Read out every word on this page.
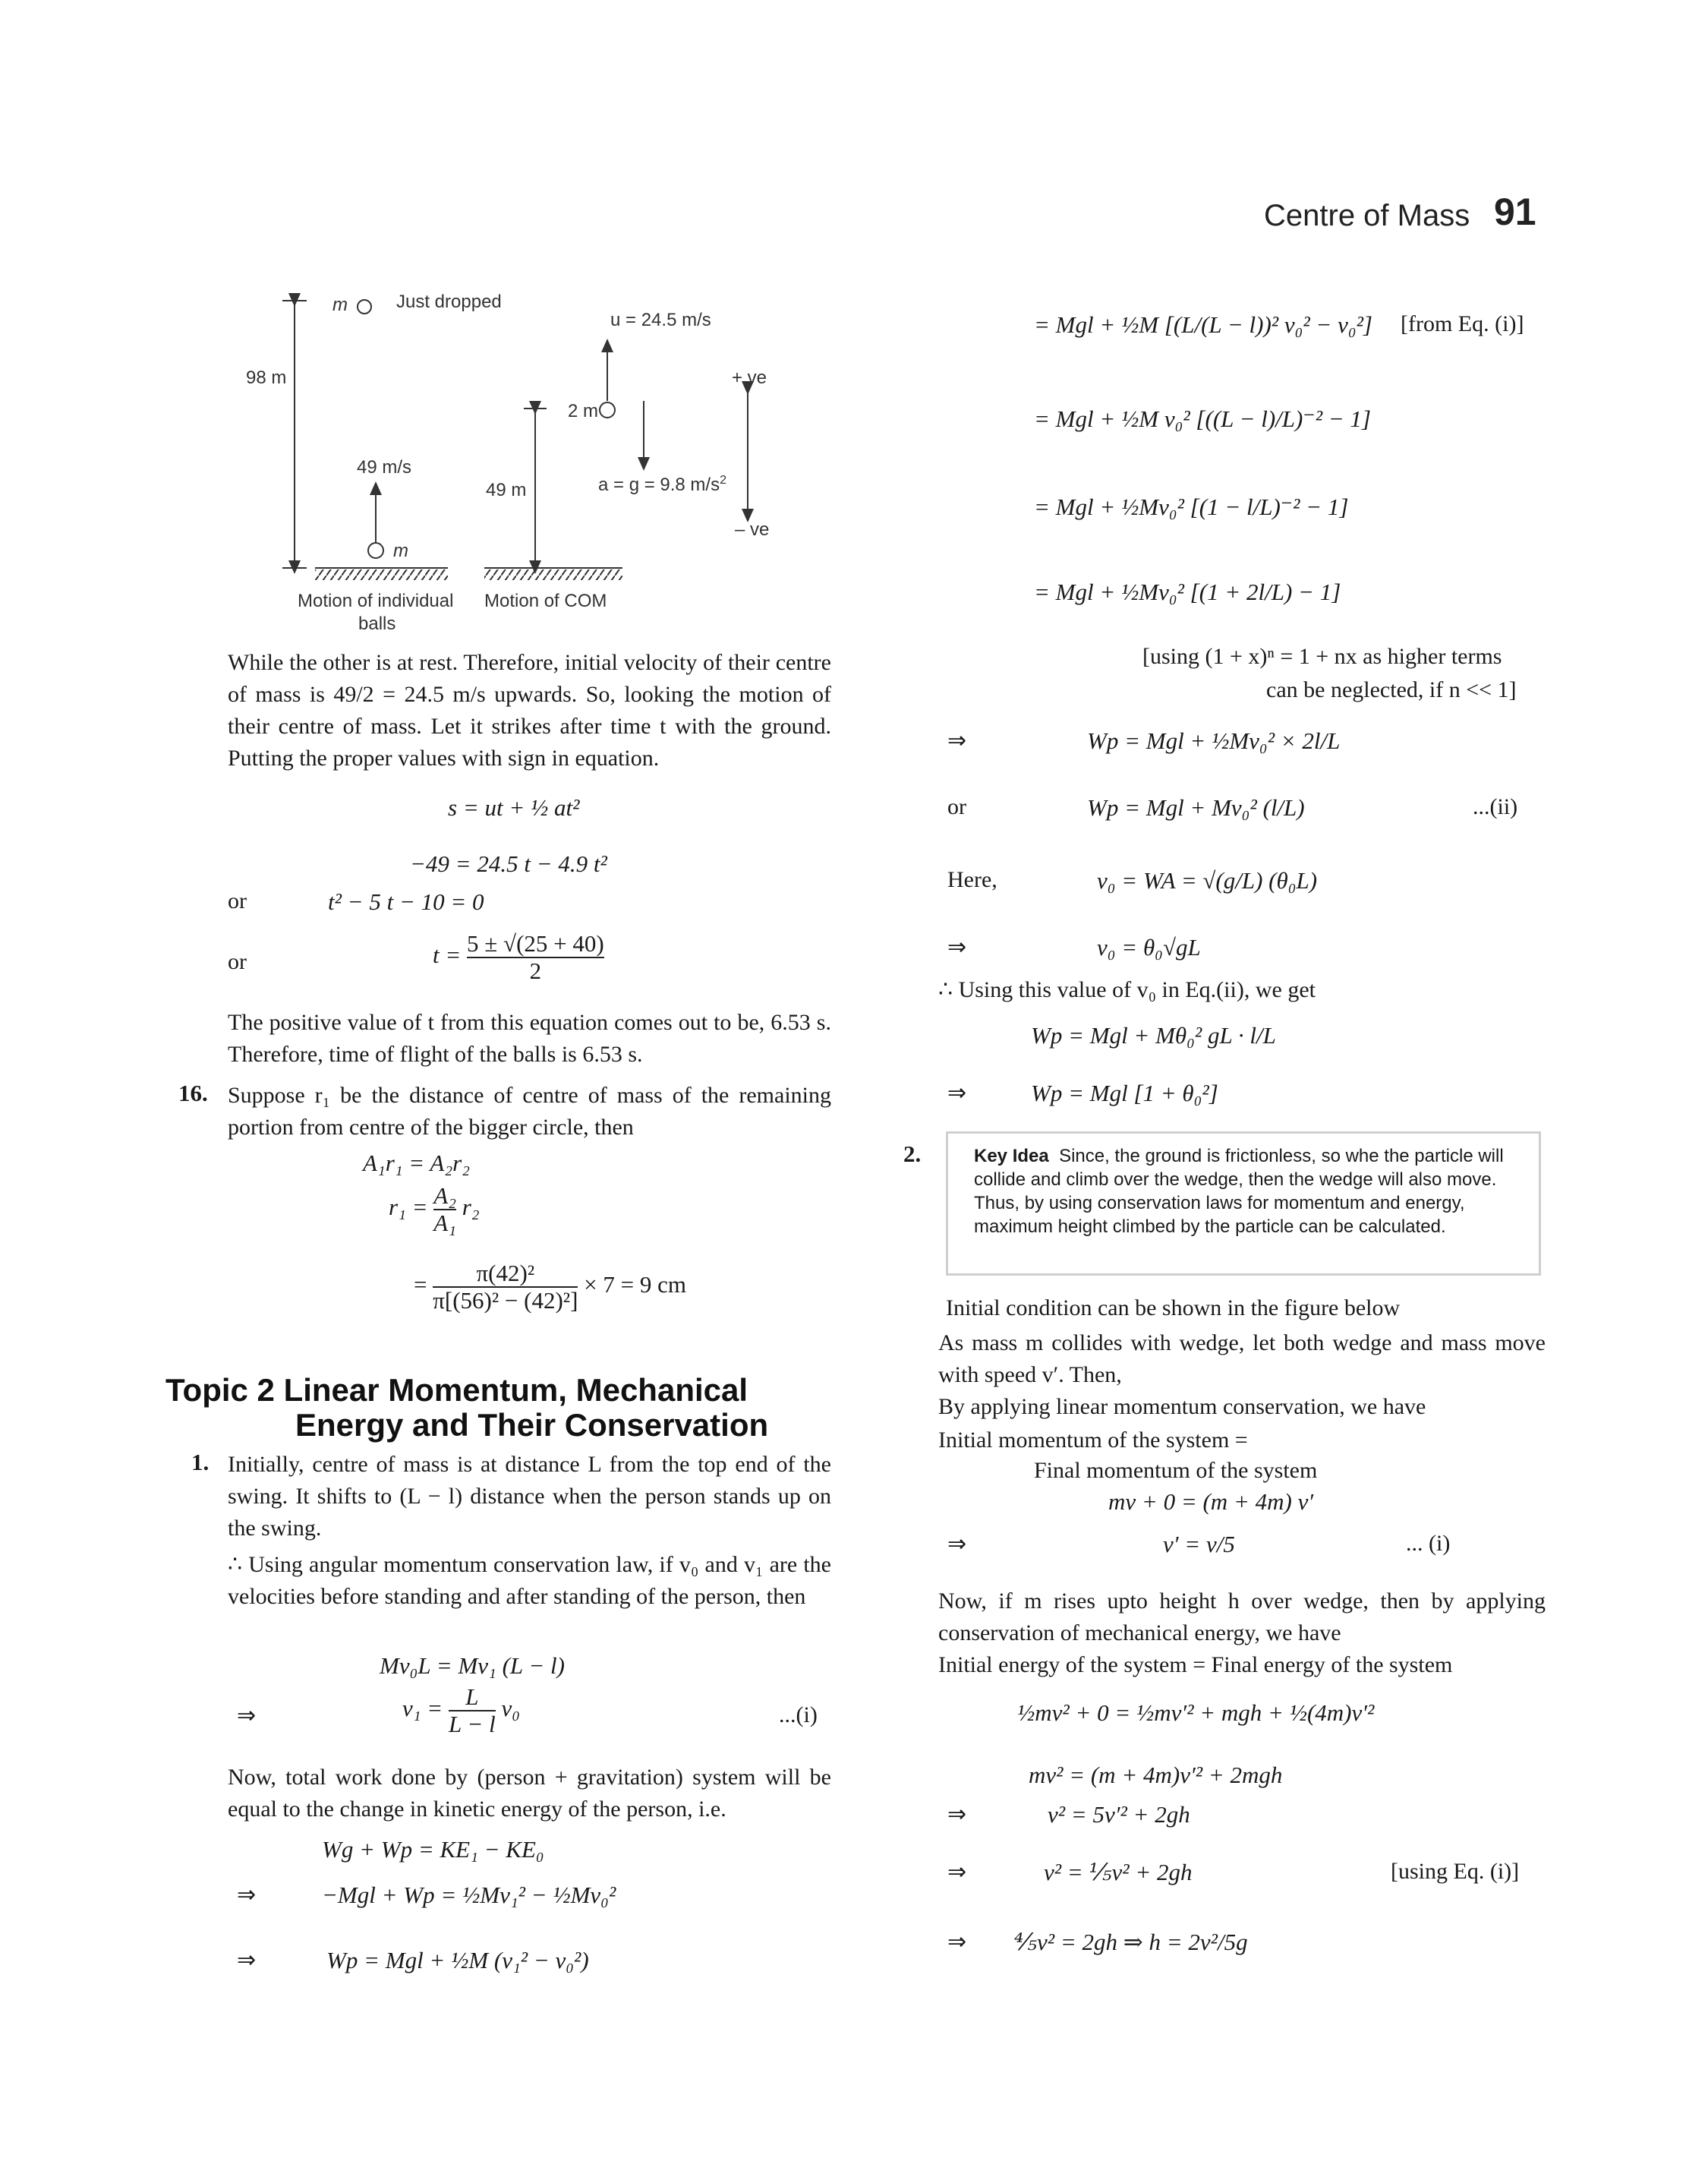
Centre of Mass 91
m	Just dropped
98 m
49 m/s
m
u = 24.5 m/s
+ ve
2 m
49 m	a = g = 9.8 $m/s^2$
– ve
Motion of individual
balls
Motion of COM
While the other is at rest. Therefore, initial velocity of their centre of mass is 49/2 = 24.5 m/s upwards. So, looking the motion of their centre of mass. Let it strikes after time t with the ground. Putting the proper values with sign in equation.
s = ut + ½ at²
−49 = 24.5 t − 4.9 t²
or	t² − 5 t − 10 = 0
or	$t = \frac{5 \pm √(25 + 40)}{2}$
The positive value of t from this equation comes out to be, 6.53 s. Therefore, time of flight of the balls is 6.53 s.
16. Suppose r₁ be the distance of centre of mass of the remaining portion from centre of the bigger circle, then
A₁r₁ = A₂r₂
$r_1 = \frac{\text{A₂}}{\text{A₁}} r_2$
= $\frac{\text{π(42)²}}{\text{π[(56)² − (42)²]}} \times 7 = 9$ cm
Topic 2 Linear Momentum, Mechanical
Energy and Their Conservation
1. Initially, centre of mass is at distance L from the top end of the swing. It shifts to (L − l) distance when the person stands up on the swing.
∴ Using angular momentum conservation law, if v₀ and v₁ are the velocities before standing and after standing of the person, then
Mv₀L = Mv₁ (L − l)
⇒	$v_1 = \frac{L}{L - l} v_0$	...(i)
Now, total work done by (person + gravitation) system will be equal to the change in kinetic energy of the person, i.e.
Wg + Wp = KE₁ − KE₀
⇒	−Mgl + Wp = ½Mv₁² − ½Mv₀²
⇒	Wp = Mgl + ½M (v₁² − v₀²)
= Mgl + ½M [(L/(L − l))² v₀² − v₀²] [from Eq. (i)]
= Mgl + ½M v₀² [((L − l)/L)⁻² − 1]
= Mgl + ½Mv₀² [(1 − l/L)⁻² − 1]
= Mgl + ½Mv₀² [(1 + 2l/L) − 1]
[using (1 + x)ⁿ = 1 + nx as higher terms
can be neglected, if n << 1]
⇒	Wp = Mgl + ½Mv₀² × 2l/L
or	Wp = Mgl + Mv₀² (l/L)	...(ii)
Here,	v₀ = WA = √(g/L) (θ₀L)
⇒	v₀ = θ₀√gL
∴ Using this value of v₀ in Eq.(ii), we get
Wp = Mgl + Mθ₀² gL · l/L
⇒	Wp = Mgl [1 + θ₀²]
2.	Key Idea Since, the ground is frictionless, so whe the particle will collide and climb over the wedge, then the wedge will also move. Thus, by using conservation laws for momentum and energy, maximum height climbed by the particle can be calculated.
Initial condition can be shown in the figure below
As mass m collides with wedge, let both wedge and mass move with speed v′. Then,
By applying linear momentum conservation, we have
Initial momentum of the system =
Final momentum of the system
mv + 0 = (m + 4m) v′
⇒	v′ = v/5	... (i)
Now, if m rises upto height h over wedge, then by applying conservation of mechanical energy, we have
Initial energy of the system = Final energy of the system
½mv² + 0 = ½mv′² + mgh + ½(4m)v′²
mv² = (m + 4m)v′² + 2mgh
⇒	v² = 5v′² + 2gh
⇒	v² = ⅕v² + 2gh	[using Eq. (i)]
⇒ ⅘v² = 2gh ⇒ h = 2v²/5g
